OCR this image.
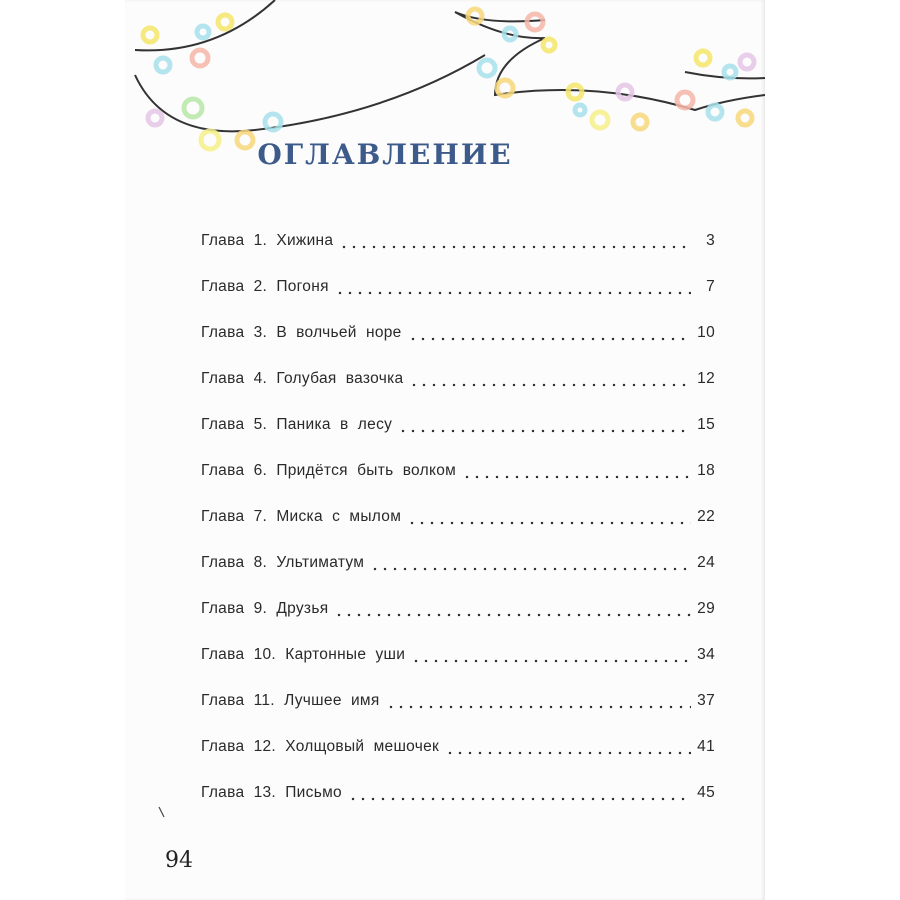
ОГЛАВЛЕНИЕ
Глава  1.  Хижина	3
Глава  2.  Погоня	7
Глава  3.  В  волчьей  норе	10
Глава  4.  Голубая  вазочка	12
Глава  5.  Паника  в  лесу	15
Глава  6.  Придётся  быть  волком	18
Глава  7.  Миска  с  мылом	22
Глава  8.  Ультиматум	24
Глава  9.  Друзья	29
Глава  10.  Картонные  уши	34
Глава  11.  Лучшее  имя	37
Глава  12.  Холщовый  мешочек	41
Глава  13.  Письмо	45
94
